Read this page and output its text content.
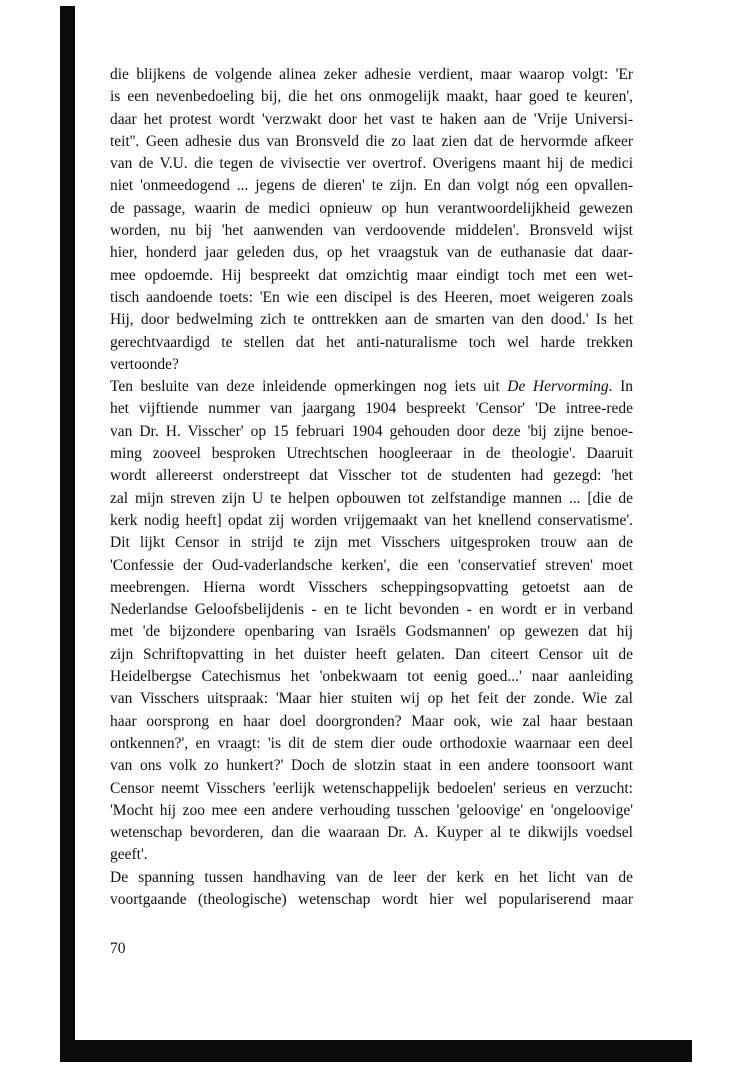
die blijkens de volgende alinea zeker adhesie verdient, maar waarop volgt: 'Er
is een nevenbedoeling bij, die het ons onmogelijk maakt, haar goed te keuren',
daar het protest wordt 'verzwakt door het vast te haken aan de 'Vrije Universi-
teit''. Geen adhesie dus van Bronsveld die zo laat zien dat de hervormde afkeer
van de V.U. die tegen de vivisectie ver overtrof. Overigens maant hij de medici
niet 'onmeedogend ... jegens de dieren' te zijn. En dan volgt nóg een opvallen-
de passage, waarin de medici opnieuw op hun verantwoordelijkheid gewezen
worden, nu bij 'het aanwenden van verdoovende middelen'. Bronsveld wijst
hier, honderd jaar geleden dus, op het vraagstuk van de euthanasie dat daar-
mee opdoemde. Hij bespreekt dat omzichtig maar eindigt toch met een wet-
tisch aandoende toets: 'En wie een discipel is des Heeren, moet weigeren zoals
Hij, door bedwelming zich te onttrekken aan de smarten van den dood.' Is het
gerechtvaardigd te stellen dat het anti-naturalisme toch wel harde trekken
vertoonde?
Ten besluite van deze inleidende opmerkingen nog iets uit De Hervorming. In
het vijftiende nummer van jaargang 1904 bespreekt 'Censor' 'De intree-rede
van Dr. H. Visscher' op 15 februari 1904 gehouden door deze 'bij zijne benoe-
ming zooveel besproken Utrechtschen hoogleeraar in de theologie'. Daaruit
wordt allereerst onderstreept dat Visscher tot de studenten had gezegd: 'het
zal mijn streven zijn U te helpen opbouwen tot zelfstandige mannen ... [die de
kerk nodig heeft] opdat zij worden vrijgemaakt van het knellend conservatisme'.
Dit lijkt Censor in strijd te zijn met Visschers uitgesproken trouw aan de
'Confessie der Oud-vaderlandsche kerken', die een 'conservatief streven' moet
meebrengen. Hierna wordt Visschers scheppingsopvatting getoetst aan de
Nederlandse Geloofsbelijdenis - en te licht bevonden - en wordt er in verband
met 'de bijzondere openbaring van Israëls Godsmannen' op gewezen dat hij
zijn Schriftopvatting in het duister heeft gelaten. Dan citeert Censor uit de
Heidelbergse Catechismus het 'onbekwaam tot eenig goed...' naar aanleiding
van Visschers uitspraak: 'Maar hier stuiten wij op het feit der zonde. Wie zal
haar oorsprong en haar doel doorgronden? Maar ook, wie zal haar bestaan
ontkennen?', en vraagt: 'is dit de stem dier oude orthodoxie waarnaar een deel
van ons volk zo hunkert?' Doch de slotzin staat in een andere toonsoort want
Censor neemt Visschers 'eerlijk wetenschappelijk bedoelen' serieus en verzucht:
'Mocht hij zoo mee een andere verhouding tusschen 'geloovige' en 'ongeloovige'
wetenschap bevorderen, dan die waaraan Dr. A. Kuyper al te dikwijls voedsel
geeft'.
De spanning tussen handhaving van de leer der kerk en het licht van de
voortgaande (theologische) wetenschap wordt hier wel populariserend maar
70
